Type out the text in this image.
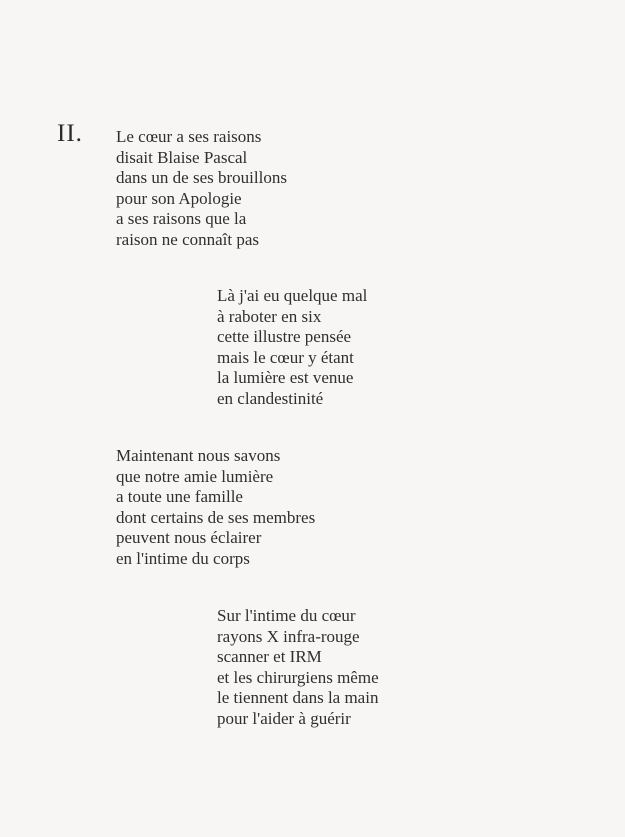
II. Le cœur a ses raisons
disait Blaise Pascal
dans un de ses brouillons
pour son Apologie
a ses raisons que la
raison ne connaît pas
Là j'ai eu quelque mal
à raboter en six
cette illustre pensée
mais le cœur y étant
la lumière est venue
en clandestinité
Maintenant nous savons
que notre amie lumière
a toute une famille
dont certains de ses membres
peuvent nous éclairer
en l'intime du corps
Sur l'intime du cœur
rayons X infra-rouge
scanner et IRM
et les chirurgiens même
le tiennent dans la main
pour l'aider à guérir
